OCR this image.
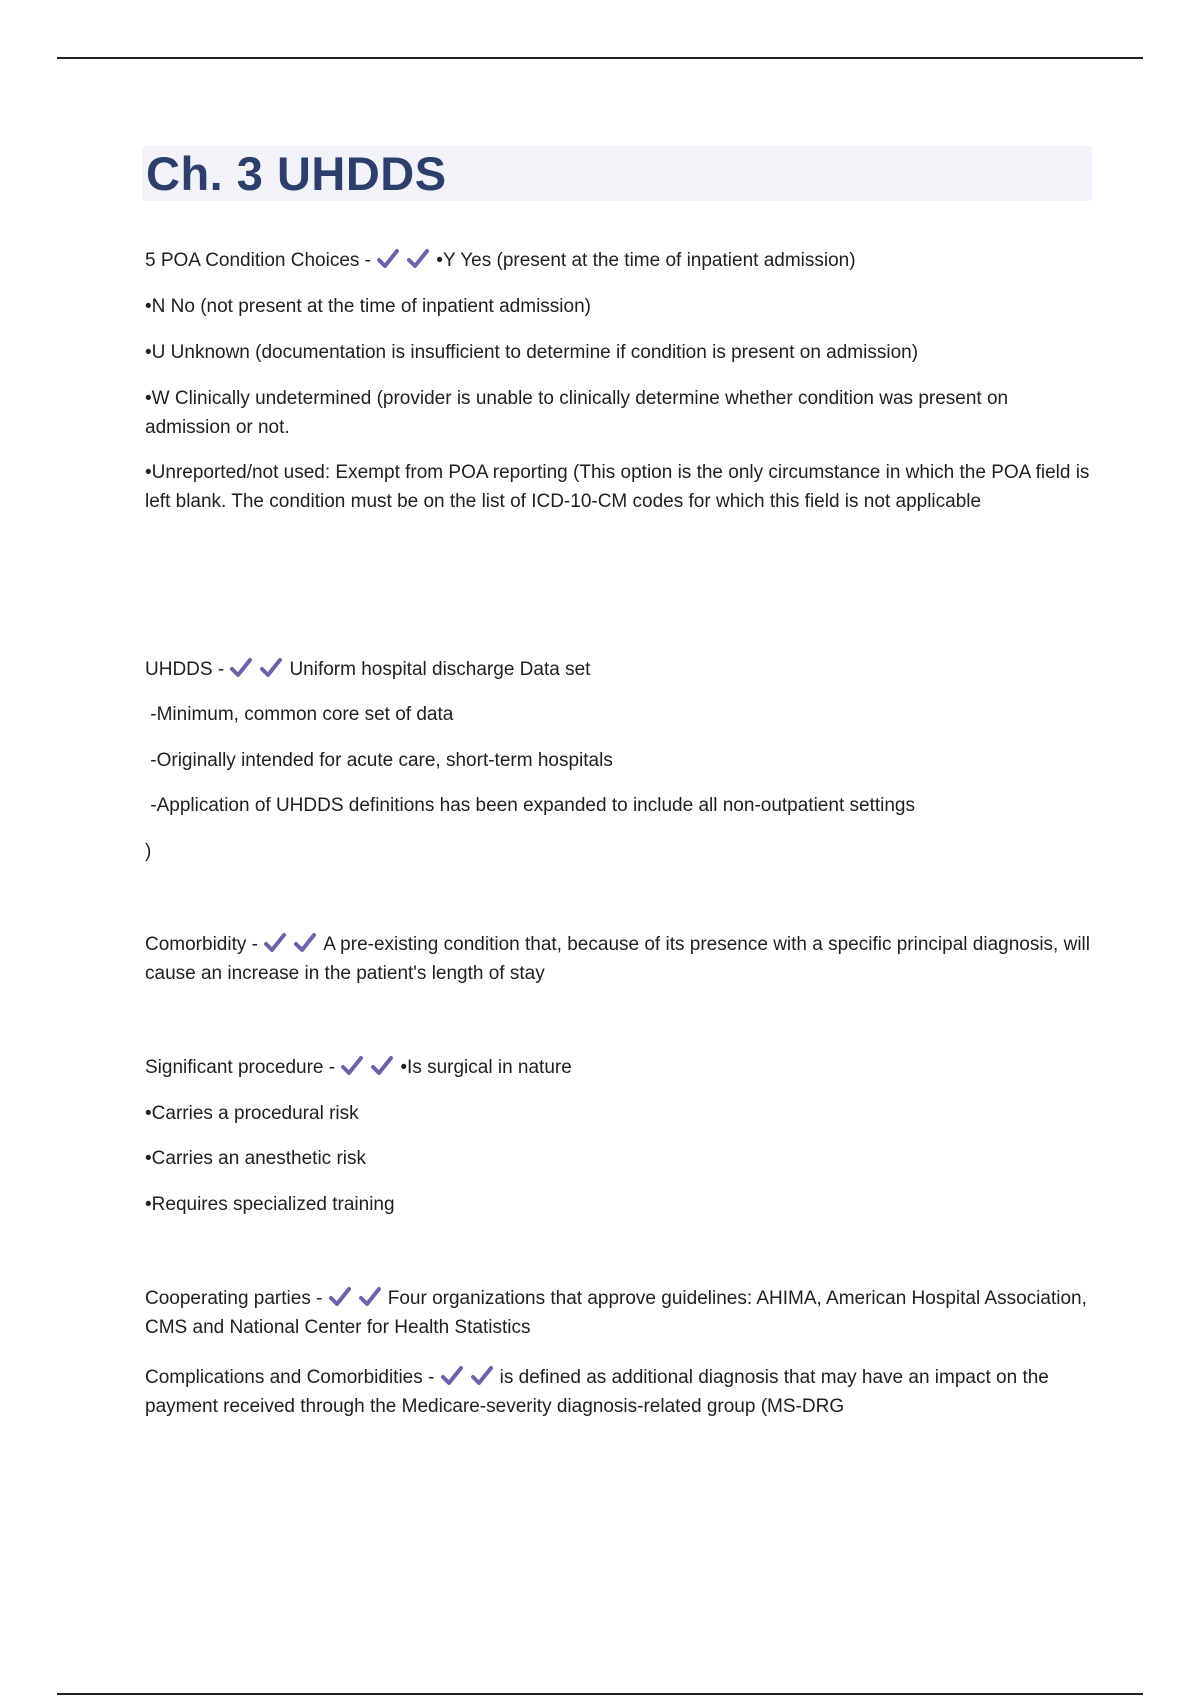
Ch. 3 UHDDS
5 POA Condition Choices -	•Y Yes (present at the time of inpatient admission)
•N No (not present at the time of inpatient admission)
•U Unknown (documentation is insufficient to determine if condition is present on admission)
•W Clinically undetermined (provider is unable to clinically determine whether condition was present on admission or not.
•Unreported/not used: Exempt from POA reporting (This option is the only circumstance in which the POA field is left blank. The condition must be on the list of ICD-10-CM codes for which this field is not applicable
UHDDS -	Uniform hospital discharge Data set
-Minimum, common core set of data
-Originally intended for acute care, short-term hospitals
-Application of UHDDS definitions has been expanded to include all non-outpatient settings
)
Comorbidity -	A pre-existing condition that, because of its presence with a specific principal diagnosis, will cause an increase in the patient's length of stay
Significant procedure -	•Is surgical in nature
•Carries a procedural risk
•Carries an anesthetic risk
•Requires specialized training
Cooperating parties -	Four organizations that approve guidelines: AHIMA, American Hospital Association, CMS and National Center for Health Statistics
Complications and Comorbidities -	is defined as additional diagnosis that may have an impact on the payment received through the Medicare-severity diagnosis-related group (MS-DRG
